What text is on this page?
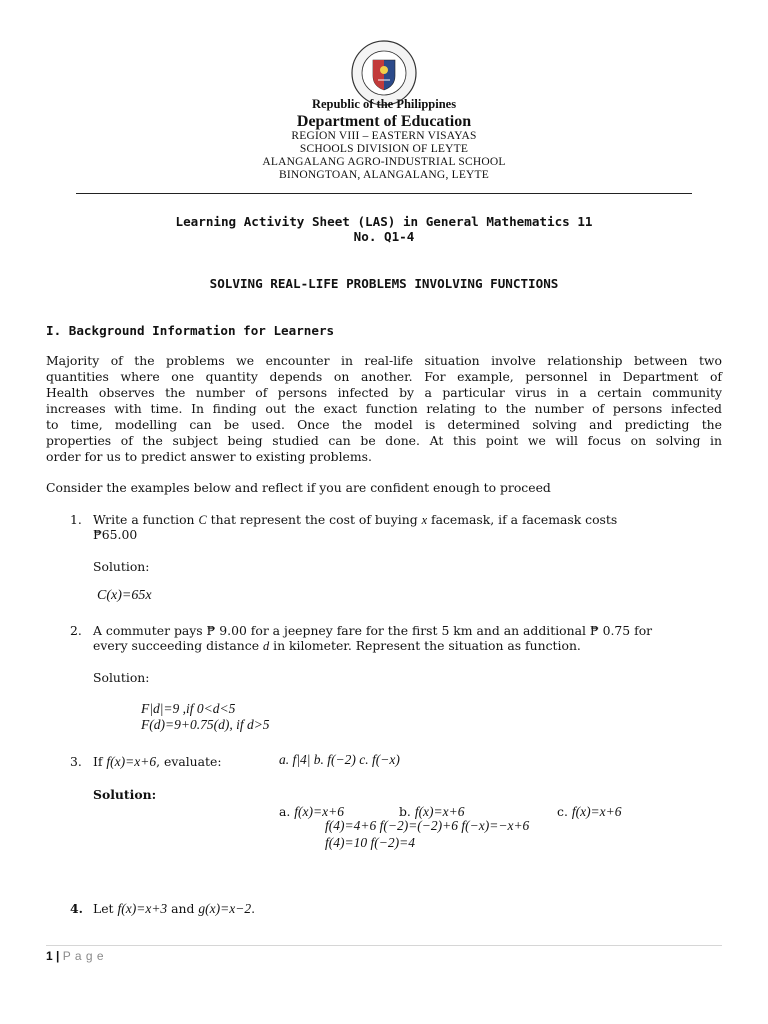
Republic of the Philippines
Department of Education
REGION VIII – EASTERN VISAYAS
SCHOOLS DIVISION OF LEYTE
ALANGALANG AGRO-INDUSTRIAL SCHOOL
BINONGTOAN, ALANGALANG, LEYTE
Learning Activity Sheet (LAS) in General Mathematics 11
No. Q1-4
SOLVING REAL-LIFE PROBLEMS INVOLVING FUNCTIONS
I. Background Information for Learners
Majority of the problems we encounter in real-life situation involve relationship between two
quantities where one quantity depends on another. For example, personnel in Department of
Health observes the number of persons infected by a particular virus in a certain community
increases with time. In finding out the exact function relating to the number of persons infected
to time, modelling can be used. Once the model is determined solving and predicting the
properties of the subject being studied can be done. At this point we will focus on solving in
order for us to predict answer to existing problems.
Consider the examples below and reflect if you are confident enough to proceed
1. Write a function C that represent the cost of buying x facemask, if a facemask costs
₱65.00
Solution:
C(x)=65x
2. A commuter pays ₱ 9.00 for a jeepney fare for the first 5 km and an additional ₱ 0.75 for
every succeeding distance d in kilometer. Represent the situation as function.
Solution:
F|d|=9 ,if 0<d<5
F(d)=9+0.75(d), if d>5
3. If f(x)=x+6, evaluate:	a. f|4| b. f(−2) c. f(−x)
Solution:
a. f(x)=x+6	b. f(x)=x+6	c. f(x)=x+6
f(4)=4+6 f(−2)=(−2)+6 f(−x)=−x+6
f(4)=10 f(−2)=4
4. Let f(x)=x+3 and g(x)=x−2.
1 | P a g e
